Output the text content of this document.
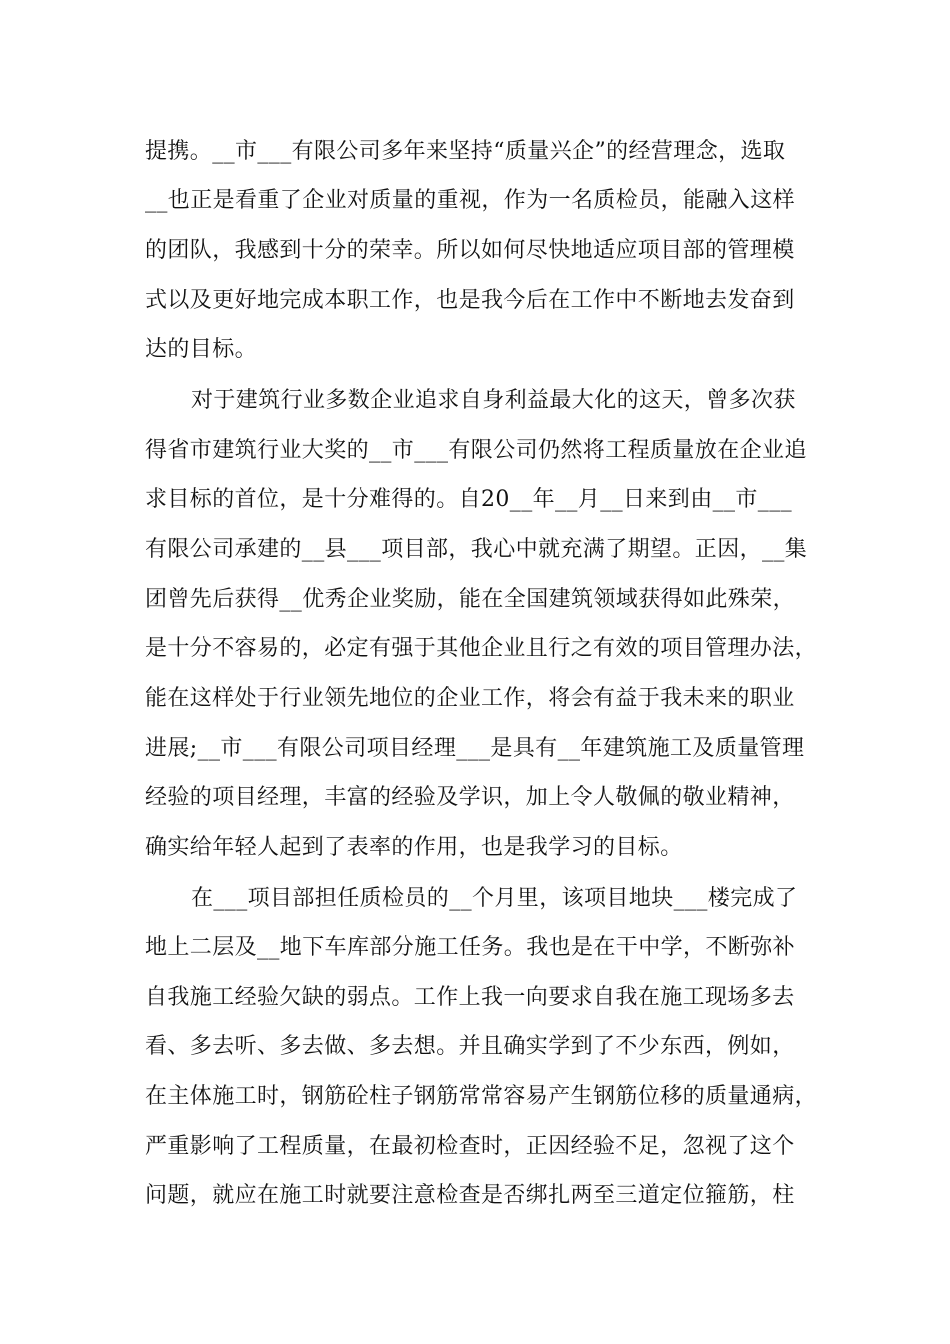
提携。__市___有限公司多年来坚持“质量兴企”的经营理念，选取
__也正是看重了企业对质量的重视，作为一名质检员，能融入这样
的团队，我感到十分的荣幸。所以如何尽快地适应项目部的管理模
式以及更好地完成本职工作，也是我今后在工作中不断地去发奋到
达的目标。
对于建筑行业多数企业追求自身利益最大化的这天，曾多次获
得省市建筑行业大奖的__市___有限公司仍然将工程质量放在企业追
求目标的首位，是十分难得的。自20__年__月__日来到由__市___
有限公司承建的__县___项目部，我心中就充满了期望。正因，__集
团曾先后获得__优秀企业奖励，能在全国建筑领域获得如此殊荣，
是十分不容易的，必定有强于其他企业且行之有效的项目管理办法，
能在这样处于行业领先地位的企业工作，将会有益于我未来的职业
进展;__市___有限公司项目经理___是具有__年建筑施工及质量管理
经验的项目经理，丰富的经验及学识，加上令人敬佩的敬业精神，
确实给年轻人起到了表率的作用，也是我学习的目标。
在___项目部担任质检员的__个月里，该项目地块___楼完成了
地上二层及__地下车库部分施工任务。我也是在干中学，不断弥补
自我施工经验欠缺的弱点。工作上我一向要求自我在施工现场多去
看、多去听、多去做、多去想。并且确实学到了不少东西，例如，
在主体施工时，钢筋砼柱子钢筋常常容易产生钢筋位移的质量通病，
严重影响了工程质量，在最初检查时，正因经验不足，忽视了这个
问题，就应在施工时就要注意检查是否绑扎两至三道定位箍筋，柱
